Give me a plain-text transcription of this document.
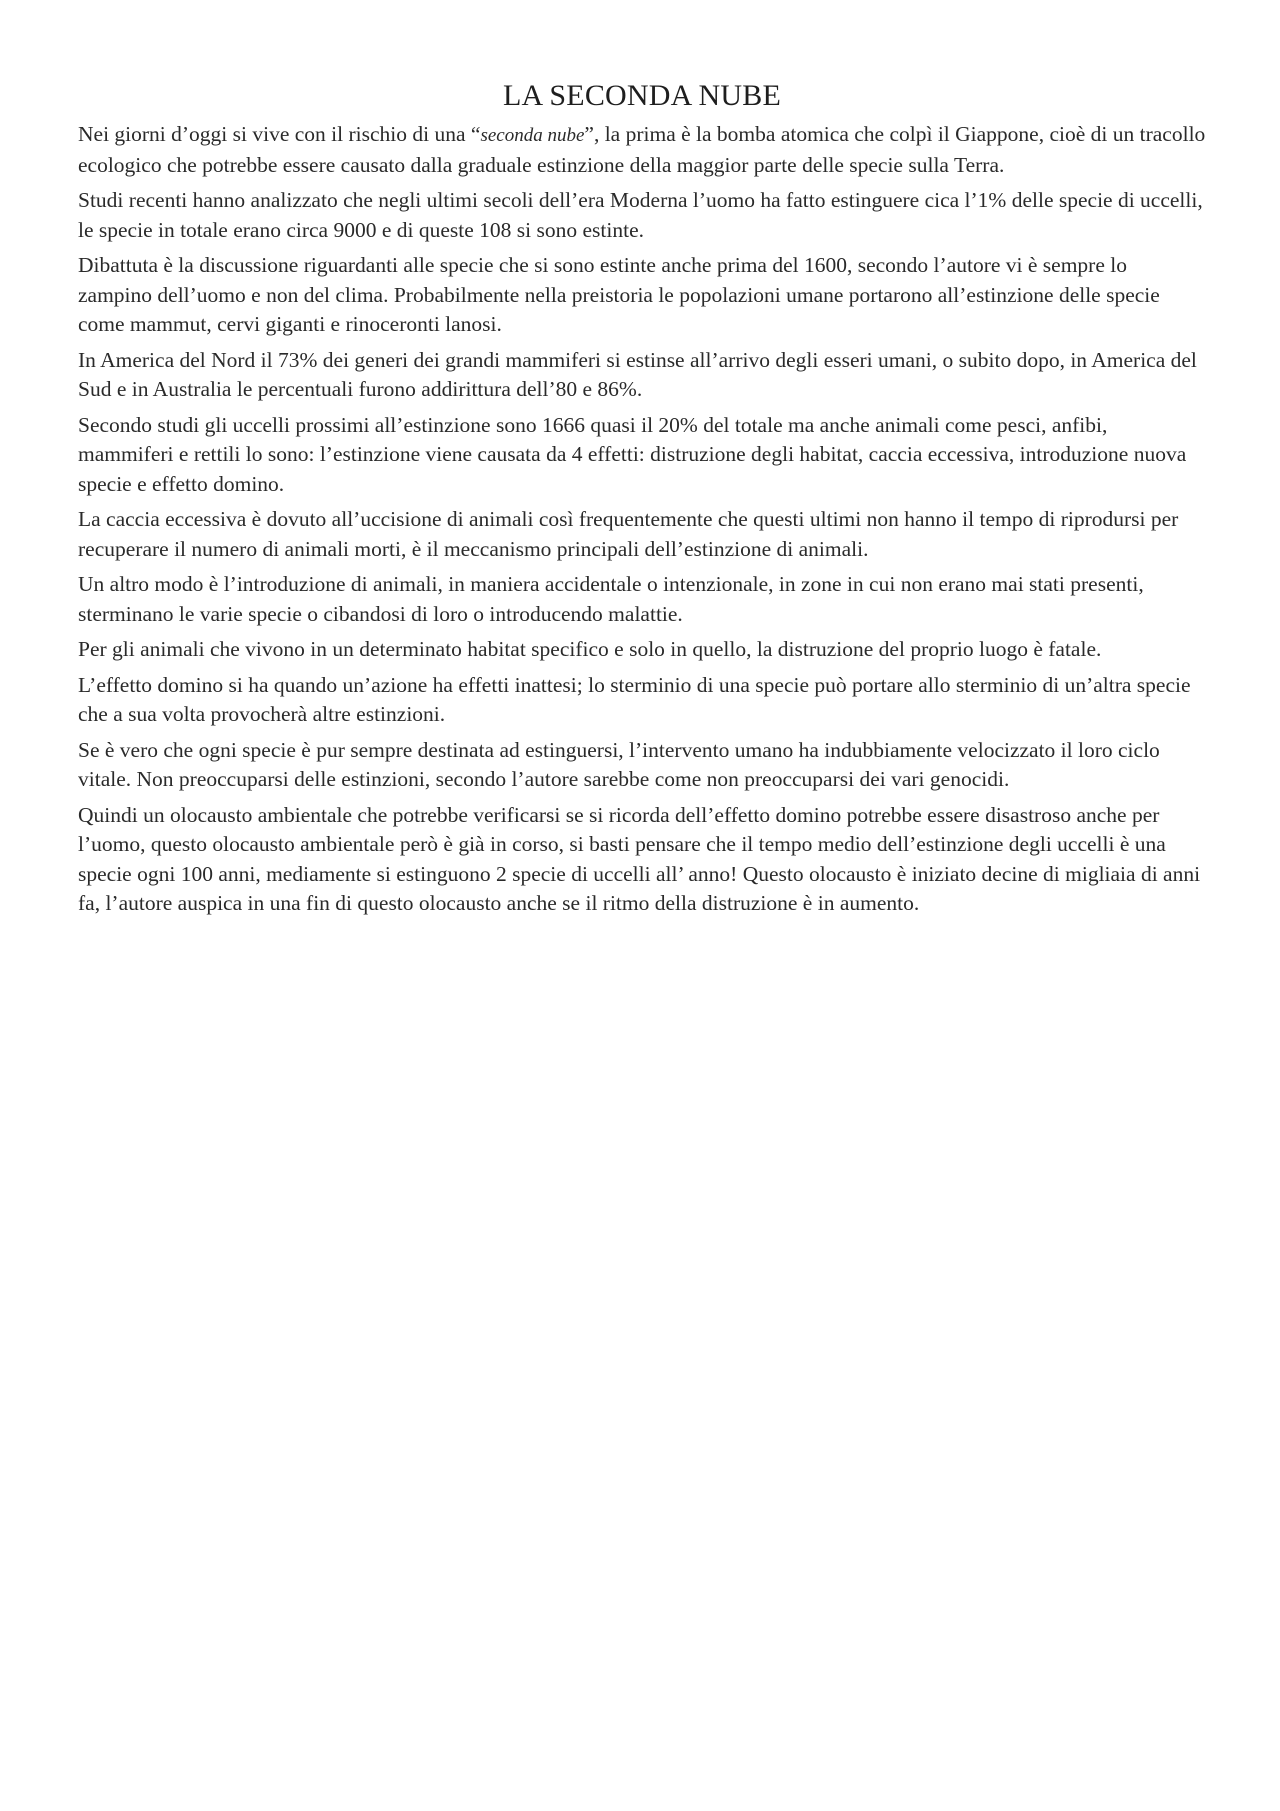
LA SECONDA NUBE

Nei giorni d’oggi si vive con il rischio di una “seconda nube”, la prima è la bomba atomica che colpì il Giappone, cioè di un tracollo ecologico che potrebbe essere causato dalla graduale estinzione della maggior parte delle specie sulla Terra.

Studi recenti hanno analizzato che negli ultimi secoli dell’era Moderna l’uomo ha fatto estinguere cica l’1% delle specie di uccelli, le specie in totale erano circa 9000 e di queste 108 si sono estinte.

Dibattuta è la discussione riguardanti alle specie che si sono estinte anche prima del 1600, secondo l’autore vi è sempre lo zampino dell’uomo e non del clima. Probabilmente nella preistoria le popolazioni umane portarono all’estinzione delle specie come mammut, cervi giganti e rinoceronti lanosi.

In America del Nord il 73% dei generi dei grandi mammiferi si estinse all’arrivo degli esseri umani, o subito dopo, in America del Sud e in Australia le percentuali furono addirittura dell’80 e 86%.

Secondo studi gli uccelli prossimi all’estinzione sono 1666 quasi il 20% del totale ma anche animali come pesci, anfibi, mammiferi e rettili lo sono: l’estinzione viene causata da 4 effetti: distruzione degli habitat, caccia eccessiva, introduzione nuova specie e effetto domino.

La caccia eccessiva è dovuto all’uccisione di animali così frequentemente che questi ultimi non hanno il tempo di riprodursi per recuperare il numero di animali morti, è il meccanismo principali dell’estinzione di animali.

Un altro modo è l’introduzione di animali, in maniera accidentale o intenzionale, in zone in cui non erano mai stati presenti, sterminano le varie specie o cibandosi di loro o introducendo malattie.

Per gli animali che vivono in un determinato habitat specifico e solo in quello, la distruzione del proprio luogo è fatale.

L’effetto domino si ha quando un’azione ha effetti inattesi; lo sterminio di una specie può portare allo sterminio di un’altra specie che a sua volta provocherà altre estinzioni.

Se è vero che ogni specie è pur sempre destinata ad estinguersi, l’intervento umano ha indubbiamente velocizzato il loro ciclo vitale. Non preoccuparsi delle estinzioni, secondo l’autore sarebbe come non preoccuparsi dei vari genocidi.

Quindi un olocausto ambientale che potrebbe verificarsi se si ricorda dell’effetto domino potrebbe essere disastroso anche per l’uomo, questo olocausto ambientale però è già in corso, si basti pensare che il tempo medio dell’estinzione degli uccelli è una specie ogni 100 anni, mediamente si estinguono 2 specie di uccelli all’ anno! Questo olocausto è iniziato decine di migliaia di anni fa, l’autore auspica in una fin di questo olocausto anche se il ritmo della distruzione è in aumento.
